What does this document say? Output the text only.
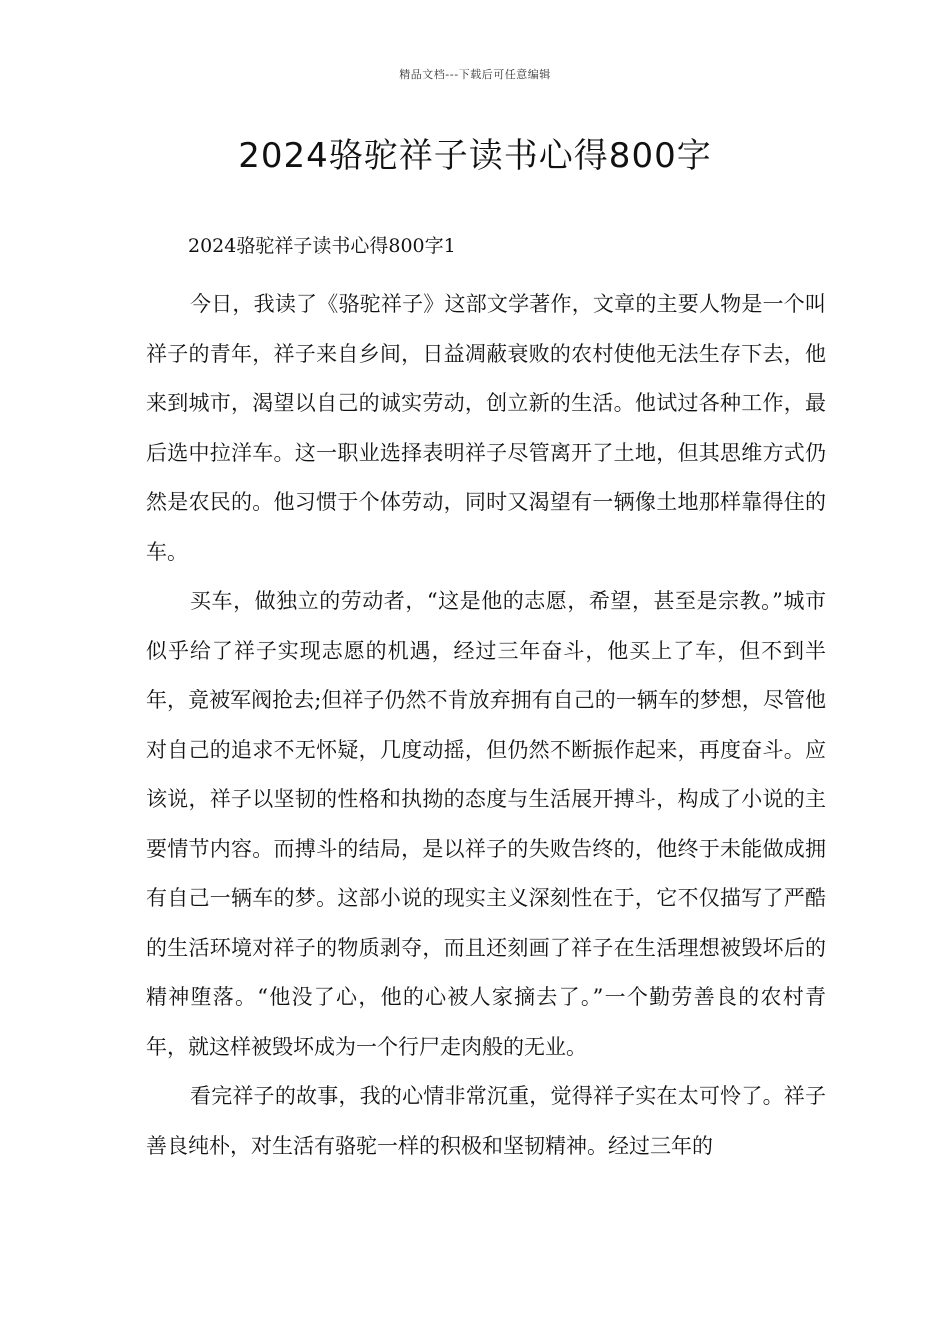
精品文档---下载后可任意编辑
2024骆驼祥子读书心得800字

2024骆驼祥子读书心得800字1

今日，我读了《骆驼祥子》这部文学著作，文章的主要人物是一个叫祥子的青年，祥子来自乡间，日益凋蔽衰败的农村使他无法生存下去，他来到城市，渴望以自己的诚实劳动，创立新的生活。他试过各种工作，最后选中拉洋车。这一职业选择表明祥子尽管离开了土地，但其思维方式仍然是农民的。他习惯于个体劳动，同时又渴望有一辆像土地那样靠得住的车。

买车，做独立的劳动者，“这是他的志愿，希望，甚至是宗教。”城市似乎给了祥子实现志愿的机遇，经过三年奋斗，他买上了车，但不到半年，竟被军阀抢去;但祥子仍然不肯放弃拥有自己的一辆车的梦想，尽管他对自己的追求不无怀疑，几度动摇，但仍然不断振作起来，再度奋斗。应该说，祥子以坚韧的性格和执拗的态度与生活展开搏斗，构成了小说的主要情节内容。而搏斗的结局，是以祥子的失败告终的，他终于未能做成拥有自己一辆车的梦。这部小说的现实主义深刻性在于，它不仅描写了严酷的生活环境对祥子的物质剥夺，而且还刻画了祥子在生活理想被毁坏后的精神堕落。“他没了心，他的心被人家摘去了。”一个勤劳善良的农村青年，就这样被毁坏成为一个行尸走肉般的无业。

看完祥子的故事，我的心情非常沉重，觉得祥子实在太可怜了。祥子善良纯朴，对生活有骆驼一样的积极和坚韧精神。经过三年的
